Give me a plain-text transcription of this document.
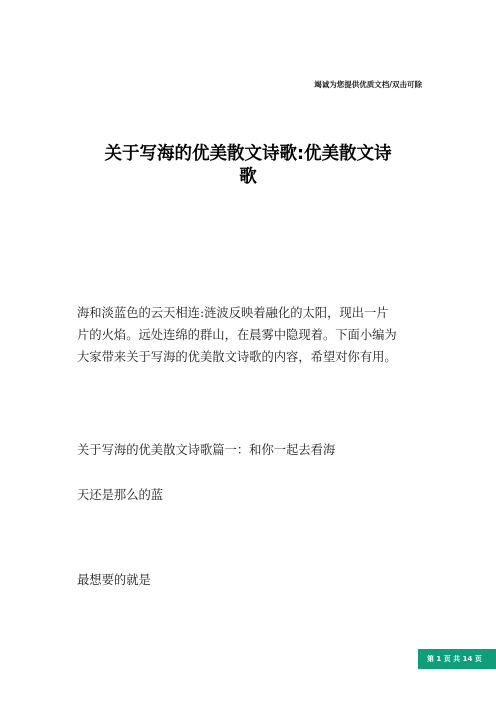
竭诚为您提供优质文档/双击可除
关于写海的优美散文诗歌:优美散文诗
歌

海和淡蓝色的云天相连:涟波反映着融化的太阳，现出一片
片的火焰。远处连绵的群山，在晨雾中隐现着。下面小编为
大家带来关于写海的优美散文诗歌的内容，希望对你有用。

关于写海的优美散文诗歌篇一：和你一起去看海

天还是那么的蓝

最想要的就是

第 1 页 共 14 页
